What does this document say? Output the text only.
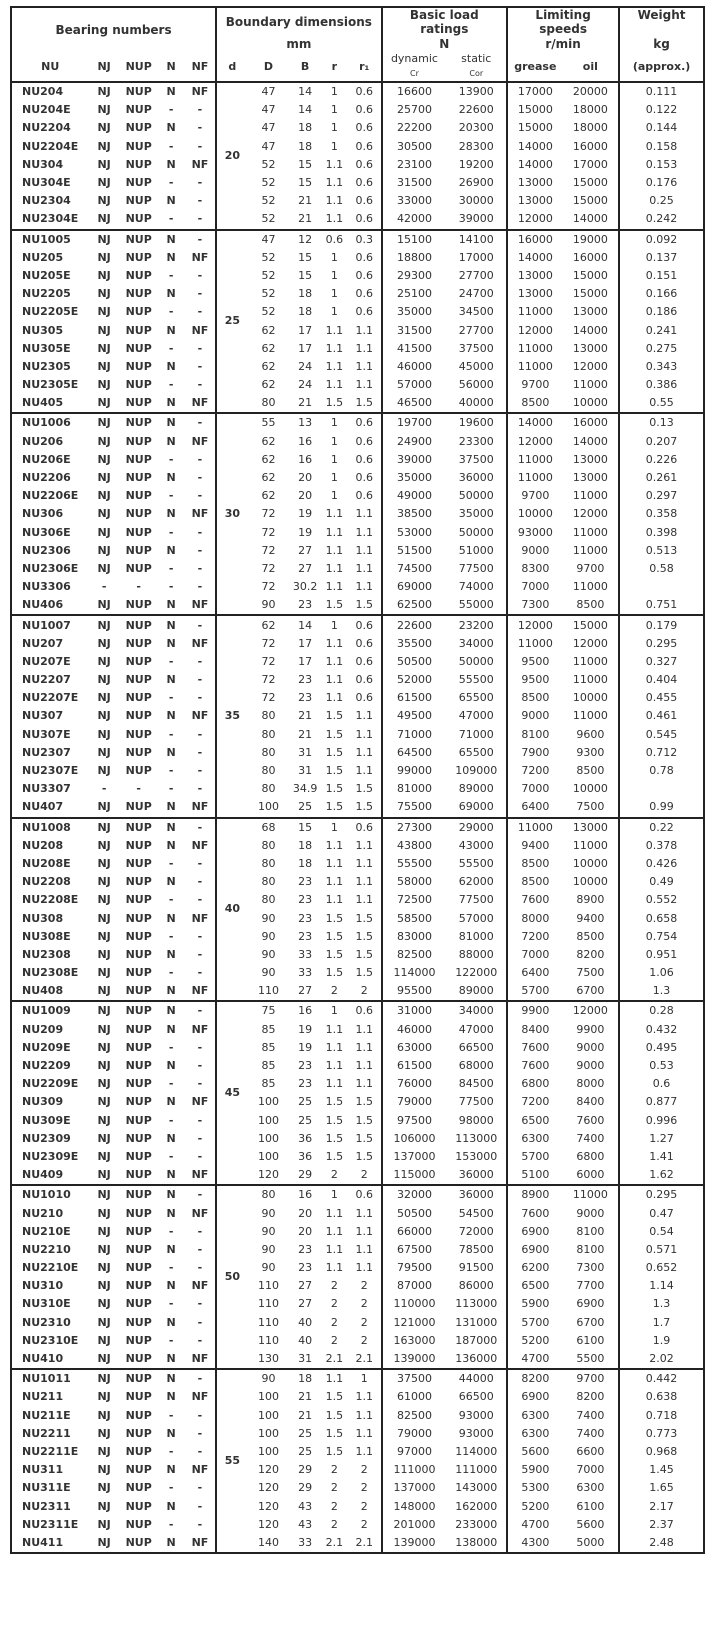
Bearing numbers					Boundary dimensions					Basic load
ratings		Limiting
speeds		Weight
					mm					N		r/min		kg
NU	NJ	NUP	N	NF	d	D	B	r	r₁	dynamic
Cr	static
Cor	grease	oil	(approx.)
NU204	NJ	NUP	N	NF	20	47	14	1	0.6	16600	13900	17000	20000	0.111
NU204E	NJ	NUP	-	-		47	14	1	0.6	25700	22600	15000	18000	0.122
NU2204	NJ	NUP	N	-		47	18	1	0.6	22200	20300	15000	18000	0.144
NU2204E	NJ	NUP	-	-		47	18	1	0.6	30500	28300	14000	16000	0.158
NU304	NJ	NUP	N	NF		52	15	1.1	0.6	23100	19200	14000	17000	0.153
NU304E	NJ	NUP	-	-		52	15	1.1	0.6	31500	26900	13000	15000	0.176
NU2304	NJ	NUP	N	-		52	21	1.1	0.6	33000	30000	13000	15000	0.25
NU2304E	NJ	NUP	-	-		52	21	1.1	0.6	42000	39000	12000	14000	0.242
NU1005	NJ	NUP	N	-	25	47	12	0.6	0.3	15100	14100	16000	19000	0.092
NU205	NJ	NUP	N	NF		52	15	1	0.6	18800	17000	14000	16000	0.137
NU205E	NJ	NUP	-	-		52	15	1	0.6	29300	27700	13000	15000	0.151
NU2205	NJ	NUP	N	-		52	18	1	0.6	25100	24700	13000	15000	0.166
NU2205E	NJ	NUP	-	-		52	18	1	0.6	35000	34500	11000	13000	0.186
NU305	NJ	NUP	N	NF		62	17	1.1	1.1	31500	27700	12000	14000	0.241
NU305E	NJ	NUP	-	-		62	17	1.1	1.1	41500	37500	11000	13000	0.275
NU2305	NJ	NUP	N	-		62	24	1.1	1.1	46000	45000	11000	12000	0.343
NU2305E	NJ	NUP	-	-		62	24	1.1	1.1	57000	56000	9700	11000	0.386
NU405	NJ	NUP	N	NF		80	21	1.5	1.5	46500	40000	8500	10000	0.55
NU1006	NJ	NUP	N	-	30	55	13	1	0.6	19700	19600	14000	16000	0.13
NU206	NJ	NUP	N	NF		62	16	1	0.6	24900	23300	12000	14000	0.207
NU206E	NJ	NUP	-	-		62	16	1	0.6	39000	37500	11000	13000	0.226
NU2206	NJ	NUP	N	-		62	20	1	0.6	35000	36000	11000	13000	0.261
NU2206E	NJ	NUP	-	-		62	20	1	0.6	49000	50000	9700	11000	0.297
NU306	NJ	NUP	N	NF		72	19	1.1	1.1	38500	35000	10000	12000	0.358
NU306E	NJ	NUP	-	-		72	19	1.1	1.1	53000	50000	93000	11000	0.398
NU2306	NJ	NUP	N	-		72	27	1.1	1.1	51500	51000	9000	11000	0.513
NU2306E	NJ	NUP	-	-		72	27	1.1	1.1	74500	77500	8300	9700	0.58
NU3306	-	-	-	-		72	30.2	1.1	1.1	69000	74000	7000	11000	
NU406	NJ	NUP	N	NF		90	23	1.5	1.5	62500	55000	7300	8500	0.751
NU1007	NJ	NUP	N	-	35	62	14	1	0.6	22600	23200	12000	15000	0.179
NU207	NJ	NUP	N	NF		72	17	1.1	0.6	35500	34000	11000	12000	0.295
NU207E	NJ	NUP	-	-		72	17	1.1	0.6	50500	50000	9500	11000	0.327
NU2207	NJ	NUP	N	-		72	23	1.1	0.6	52000	55500	9500	11000	0.404
NU2207E	NJ	NUP	-	-		72	23	1.1	0.6	61500	65500	8500	10000	0.455
NU307	NJ	NUP	N	NF		80	21	1.5	1.1	49500	47000	9000	11000	0.461
NU307E	NJ	NUP	-	-		80	21	1.5	1.1	71000	71000	8100	9600	0.545
NU2307	NJ	NUP	N	-		80	31	1.5	1.1	64500	65500	7900	9300	0.712
NU2307E	NJ	NUP	-	-		80	31	1.5	1.1	99000	109000	7200	8500	0.78
NU3307	-	-	-	-		80	34.9	1.5	1.5	81000	89000	7000	10000	
NU407	NJ	NUP	N	NF		100	25	1.5	1.5	75500	69000	6400	7500	0.99
NU1008	NJ	NUP	N	-	40	68	15	1	0.6	27300	29000	11000	13000	0.22
NU208	NJ	NUP	N	NF		80	18	1.1	1.1	43800	43000	9400	11000	0.378
NU208E	NJ	NUP	-	-		80	18	1.1	1.1	55500	55500	8500	10000	0.426
NU2208	NJ	NUP	N	-		80	23	1.1	1.1	58000	62000	8500	10000	0.49
NU2208E	NJ	NUP	-	-		80	23	1.1	1.1	72500	77500	7600	8900	0.552
NU308	NJ	NUP	N	NF		90	23	1.5	1.5	58500	57000	8000	9400	0.658
NU308E	NJ	NUP	-	-		90	23	1.5	1.5	83000	81000	7200	8500	0.754
NU2308	NJ	NUP	N	-		90	33	1.5	1.5	82500	88000	7000	8200	0.951
NU2308E	NJ	NUP	-	-		90	33	1.5	1.5	114000	122000	6400	7500	1.06
NU408	NJ	NUP	N	NF		110	27	2	2	95500	89000	5700	6700	1.3
NU1009	NJ	NUP	N	-	45	75	16	1	0.6	31000	34000	9900	12000	0.28
NU209	NJ	NUP	N	NF		85	19	1.1	1.1	46000	47000	8400	9900	0.432
NU209E	NJ	NUP	-	-		85	19	1.1	1.1	63000	66500	7600	9000	0.495
NU2209	NJ	NUP	N	-		85	23	1.1	1.1	61500	68000	7600	9000	0.53
NU2209E	NJ	NUP	-	-		85	23	1.1	1.1	76000	84500	6800	8000	0.6
NU309	NJ	NUP	N	NF		100	25	1.5	1.5	79000	77500	7200	8400	0.877
NU309E	NJ	NUP	-	-		100	25	1.5	1.5	97500	98000	6500	7600	0.996
NU2309	NJ	NUP	N	-		100	36	1.5	1.5	106000	113000	6300	7400	1.27
NU2309E	NJ	NUP	-	-		100	36	1.5	1.5	137000	153000	5700	6800	1.41
NU409	NJ	NUP	N	NF		120	29	2	2	115000	36000	5100	6000	1.62
NU1010	NJ	NUP	N	-	50	80	16	1	0.6	32000	36000	8900	11000	0.295
NU210	NJ	NUP	N	NF		90	20	1.1	1.1	50500	54500	7600	9000	0.47
NU210E	NJ	NUP	-	-		90	20	1.1	1.1	66000	72000	6900	8100	0.54
NU2210	NJ	NUP	N	-		90	23	1.1	1.1	67500	78500	6900	8100	0.571
NU2210E	NJ	NUP	-	-		90	23	1.1	1.1	79500	91500	6200	7300	0.652
NU310	NJ	NUP	N	NF		110	27	2	2	87000	86000	6500	7700	1.14
NU310E	NJ	NUP	-	-		110	27	2	2	110000	113000	5900	6900	1.3
NU2310	NJ	NUP	N	-		110	40	2	2	121000	131000	5700	6700	1.7
NU2310E	NJ	NUP	-	-		110	40	2	2	163000	187000	5200	6100	1.9
NU410	NJ	NUP	N	NF		130	31	2.1	2.1	139000	136000	4700	5500	2.02
NU1011	NJ	NUP	N	-	55	90	18	1.1	1	37500	44000	8200	9700	0.442
NU211	NJ	NUP	N	NF		100	21	1.5	1.1	61000	66500	6900	8200	0.638
NU211E	NJ	NUP	-	-		100	21	1.5	1.1	82500	93000	6300	7400	0.718
NU2211	NJ	NUP	N	-		100	25	1.5	1.1	79000	93000	6300	7400	0.773
NU2211E	NJ	NUP	-	-		100	25	1.5	1.1	97000	114000	5600	6600	0.968
NU311	NJ	NUP	N	NF		120	29	2	2	111000	111000	5900	7000	1.45
NU311E	NJ	NUP	-	-		120	29	2	2	137000	143000	5300	6300	1.65
NU2311	NJ	NUP	N	-		120	43	2	2	148000	162000	5200	6100	2.17
NU2311E	NJ	NUP	-	-		120	43	2	2	201000	233000	4700	5600	2.37
NU411	NJ	NUP	N	NF		140	33	2.1	2.1	139000	138000	4300	5000	2.48
